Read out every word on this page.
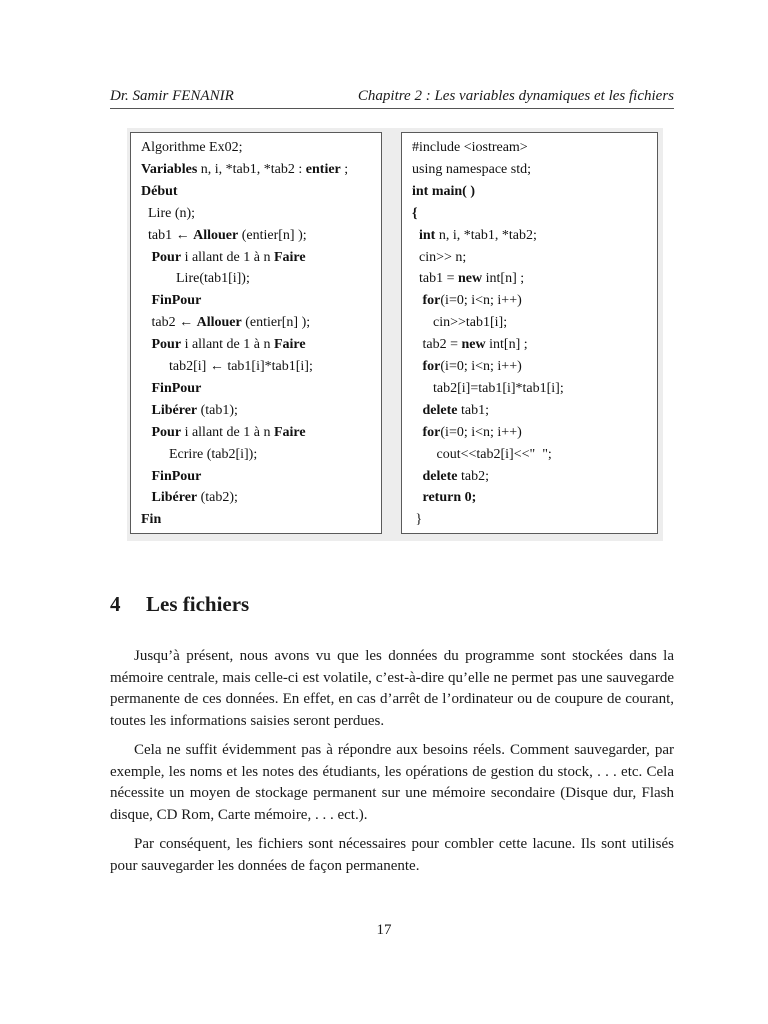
Dr. Samir FENANIR	Chapitre 2 : Les variables dynamiques et les fichiers
Algorithme Ex02;
Variables n, i, *tab1, *tab2 : entier ;
Début
Lire (n);
tab1 ← Allouer (entier[n] );
Pour i allant de 1 à n Faire
Lire(tab1[i]);
FinPour
tab2 ← Allouer (entier[n] );
Pour i allant de 1 à n Faire
tab2[i] ← tab1[i]*tab1[i];
FinPour
Libérer (tab1);
Pour i allant de 1 à n Faire
Ecrire (tab2[i]);
FinPour
Libérer (tab2);
Fin
#include <iostream>
using namespace std;
int main( )
{
int n, i, *tab1, *tab2;
cin>> n;
tab1 = new int[n] ;
for(i=0; i<n; i++)
cin>>tab1[i];
tab2 = new int[n] ;
for(i=0; i<n; i++)
tab2[i]=tab1[i]*tab1[i];
delete tab1;
for(i=0; i<n; i++)
cout<<tab2[i]<<"  ";
delete tab2;
return 0;
}
4 Les fichiers
Jusqu’à présent, nous avons vu que les données du programme sont stockées dans la
mémoire centrale, mais celle-ci est volatile, c’est-à-dire qu’elle ne permet pas une sauvegarde
permanente de ces données. En effet, en cas d’arrêt de l’ordinateur ou de coupure de courant,
toutes les informations saisies seront perdues.
Cela ne suffit évidemment pas à répondre aux besoins réels. Comment sauvegarder, par
exemple, les noms et les notes des étudiants, les opérations de gestion du stock, . . . etc. Cela
nécessite un moyen de stockage permanent sur une mémoire secondaire (Disque dur, Flash
disque, CD Rom, Carte mémoire, . . . ect.).
Par conséquent, les fichiers sont nécessaires pour combler cette lacune. Ils sont utilisés
pour sauvegarder les données de façon permanente.
17
